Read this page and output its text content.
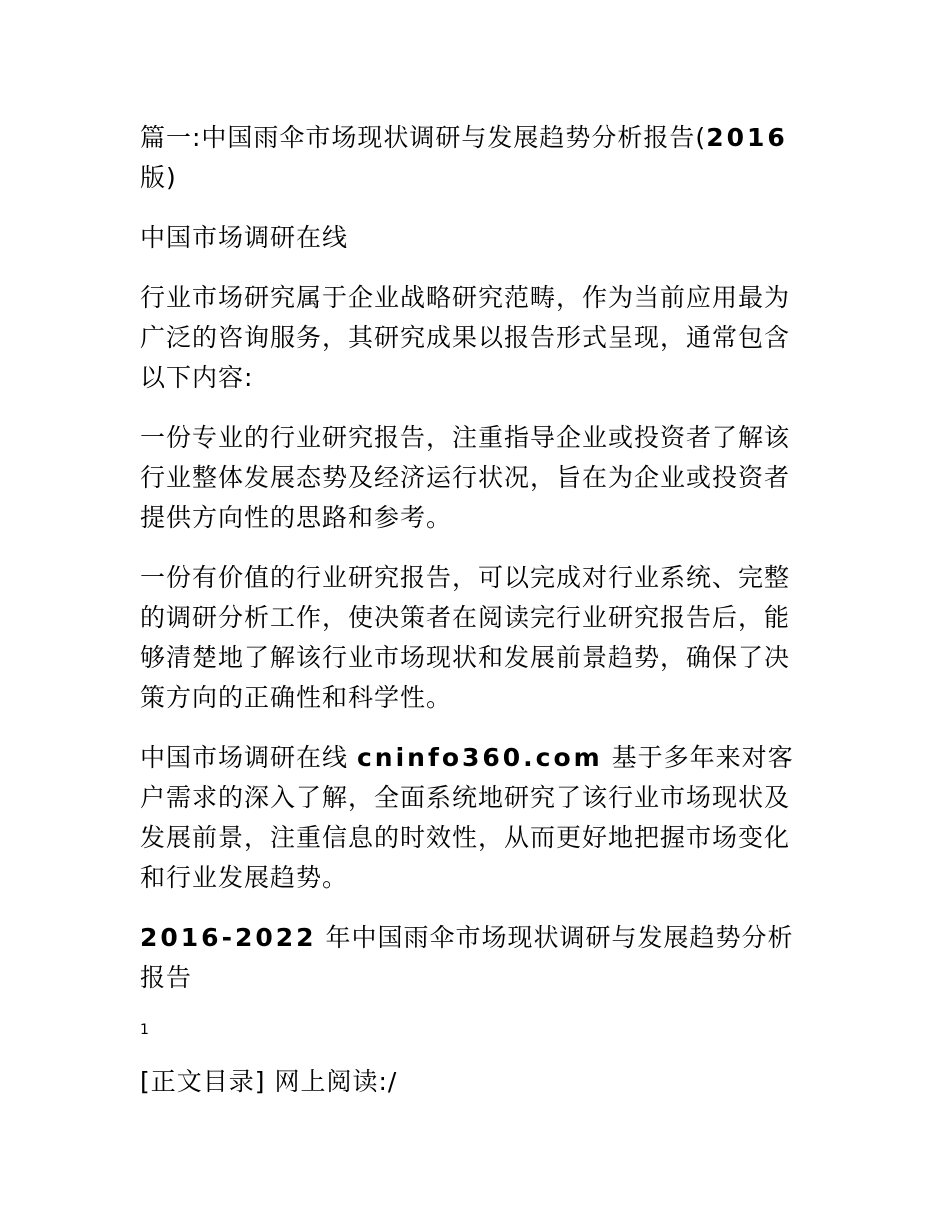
篇一:中国雨伞市场现状调研与发展趋势分析报告(2016
版)

中国市场调研在线

行业市场研究属于企业战略研究范畴，作为当前应用最为广泛的咨询服务，其研究成果以报告形式呈现，通常包含以下内容:

一份专业的行业研究报告，注重指导企业或投资者了解该行业整体发展态势及经济运行状况，旨在为企业或投资者提供方向性的思路和参考。

一份有价值的行业研究报告，可以完成对行业系统、完整的调研分析工作，使决策者在阅读完行业研究报告后，能够清楚地了解该行业市场现状和发展前景趋势，确保了决策方向的正确性和科学性。

中国市场调研在线 cninfo360.com 基于多年来对客户需求的深入了解，全面系统地研究了该行业市场现状及发展前景，注重信息的时效性，从而更好地把握市场变化和行业发展趋势。

2016-2022 年中国雨伞市场现状调研与发展趋势分析报告

1

[正文目录] 网上阅读:/
